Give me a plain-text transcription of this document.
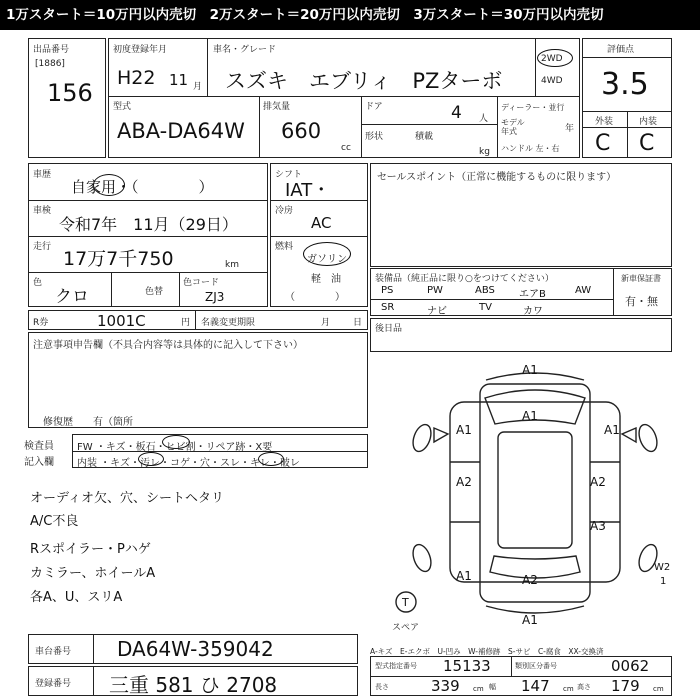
1万スタート＝10万円以内売切　2万スタート＝20万円以内売切　3万スタート＝30万円以内売切
出品番号
[1886]
156
初度登録年月
H22 11 月
車名・グレード
スズキ　エブリィ　PZターボ
2WD
4WD
型式
ABA-DA64W
排気量
660
cc
ドア	4 人
形状	積載
kg
ディーラー・並行
モデル年式	年
ハンドル 左・右
評価点
3.5
外装	内装
C C
車歴
自家用・（　　　　）
車検
令和7年　11月（29日）
走行
17万7千750	km
色
クロ	色替
色コード
ZJ3
シフト
IAT・
冷房
AC
燃料
ガソリン
軽　油
（　　　　）
セールスポイント（正常に機能するものに限ります）
装備品（純正品に限り○をつけてください）
PS	PW	ABS エアB	AW
SR	ナビ	TV	カワ
新車保証書
有・無
R券	1001C	円 名義変更期限	月	日
後日品
注意事項申告欄（不具合内容等は具体的に記入して下さい）
修復歴　　有（箇所
検査員
記入欄
FW ・キズ・板石・ヒビ割・リペア跡・X要
内装 ・キズ・汚レ・コゲ・穴・スレ・キレ・破レ
オーディオ欠、穴、シートヘタリ
A/C不良
Rスポイラー・Pハゲ
カミラー、ホイールA
各A、U、スリA
A1
A1
A1	A1
A2	A2
A3
A1	A2
A1
W2
1
T
スペア
A-キズ　E-エクボ　U-凹み　W-補修跡　S-サビ　C-腐食　XX-交換済
車台番号 DA64W-359042
登録番号 三重 581 ひ 2708
型式指定番号 15133	類別区分番号	0062
長さ	339 cm 幅 147 cm 高さ 179 cm
